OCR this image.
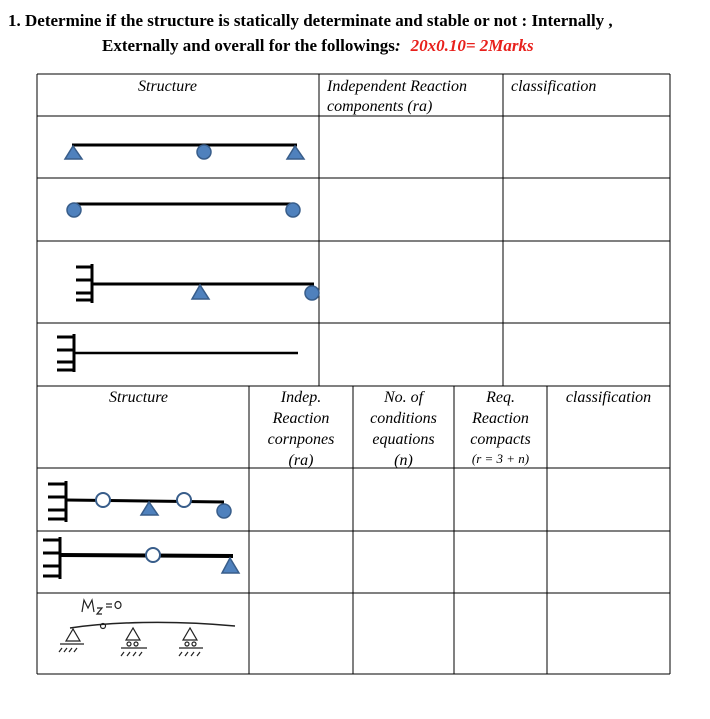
1. Determine if the structure is statically determinate and stable or not : Internally ,
Externally and overall for the followings: 20x0.10= 2Marks
Structure	Independent Reaction
components (ra)
classification
Structure	Indep.
Reaction
cornpones
(ra)
No. of
conditions
equations
(n)
Req.
Reaction
compacts
(r = 3 + n)
classification
